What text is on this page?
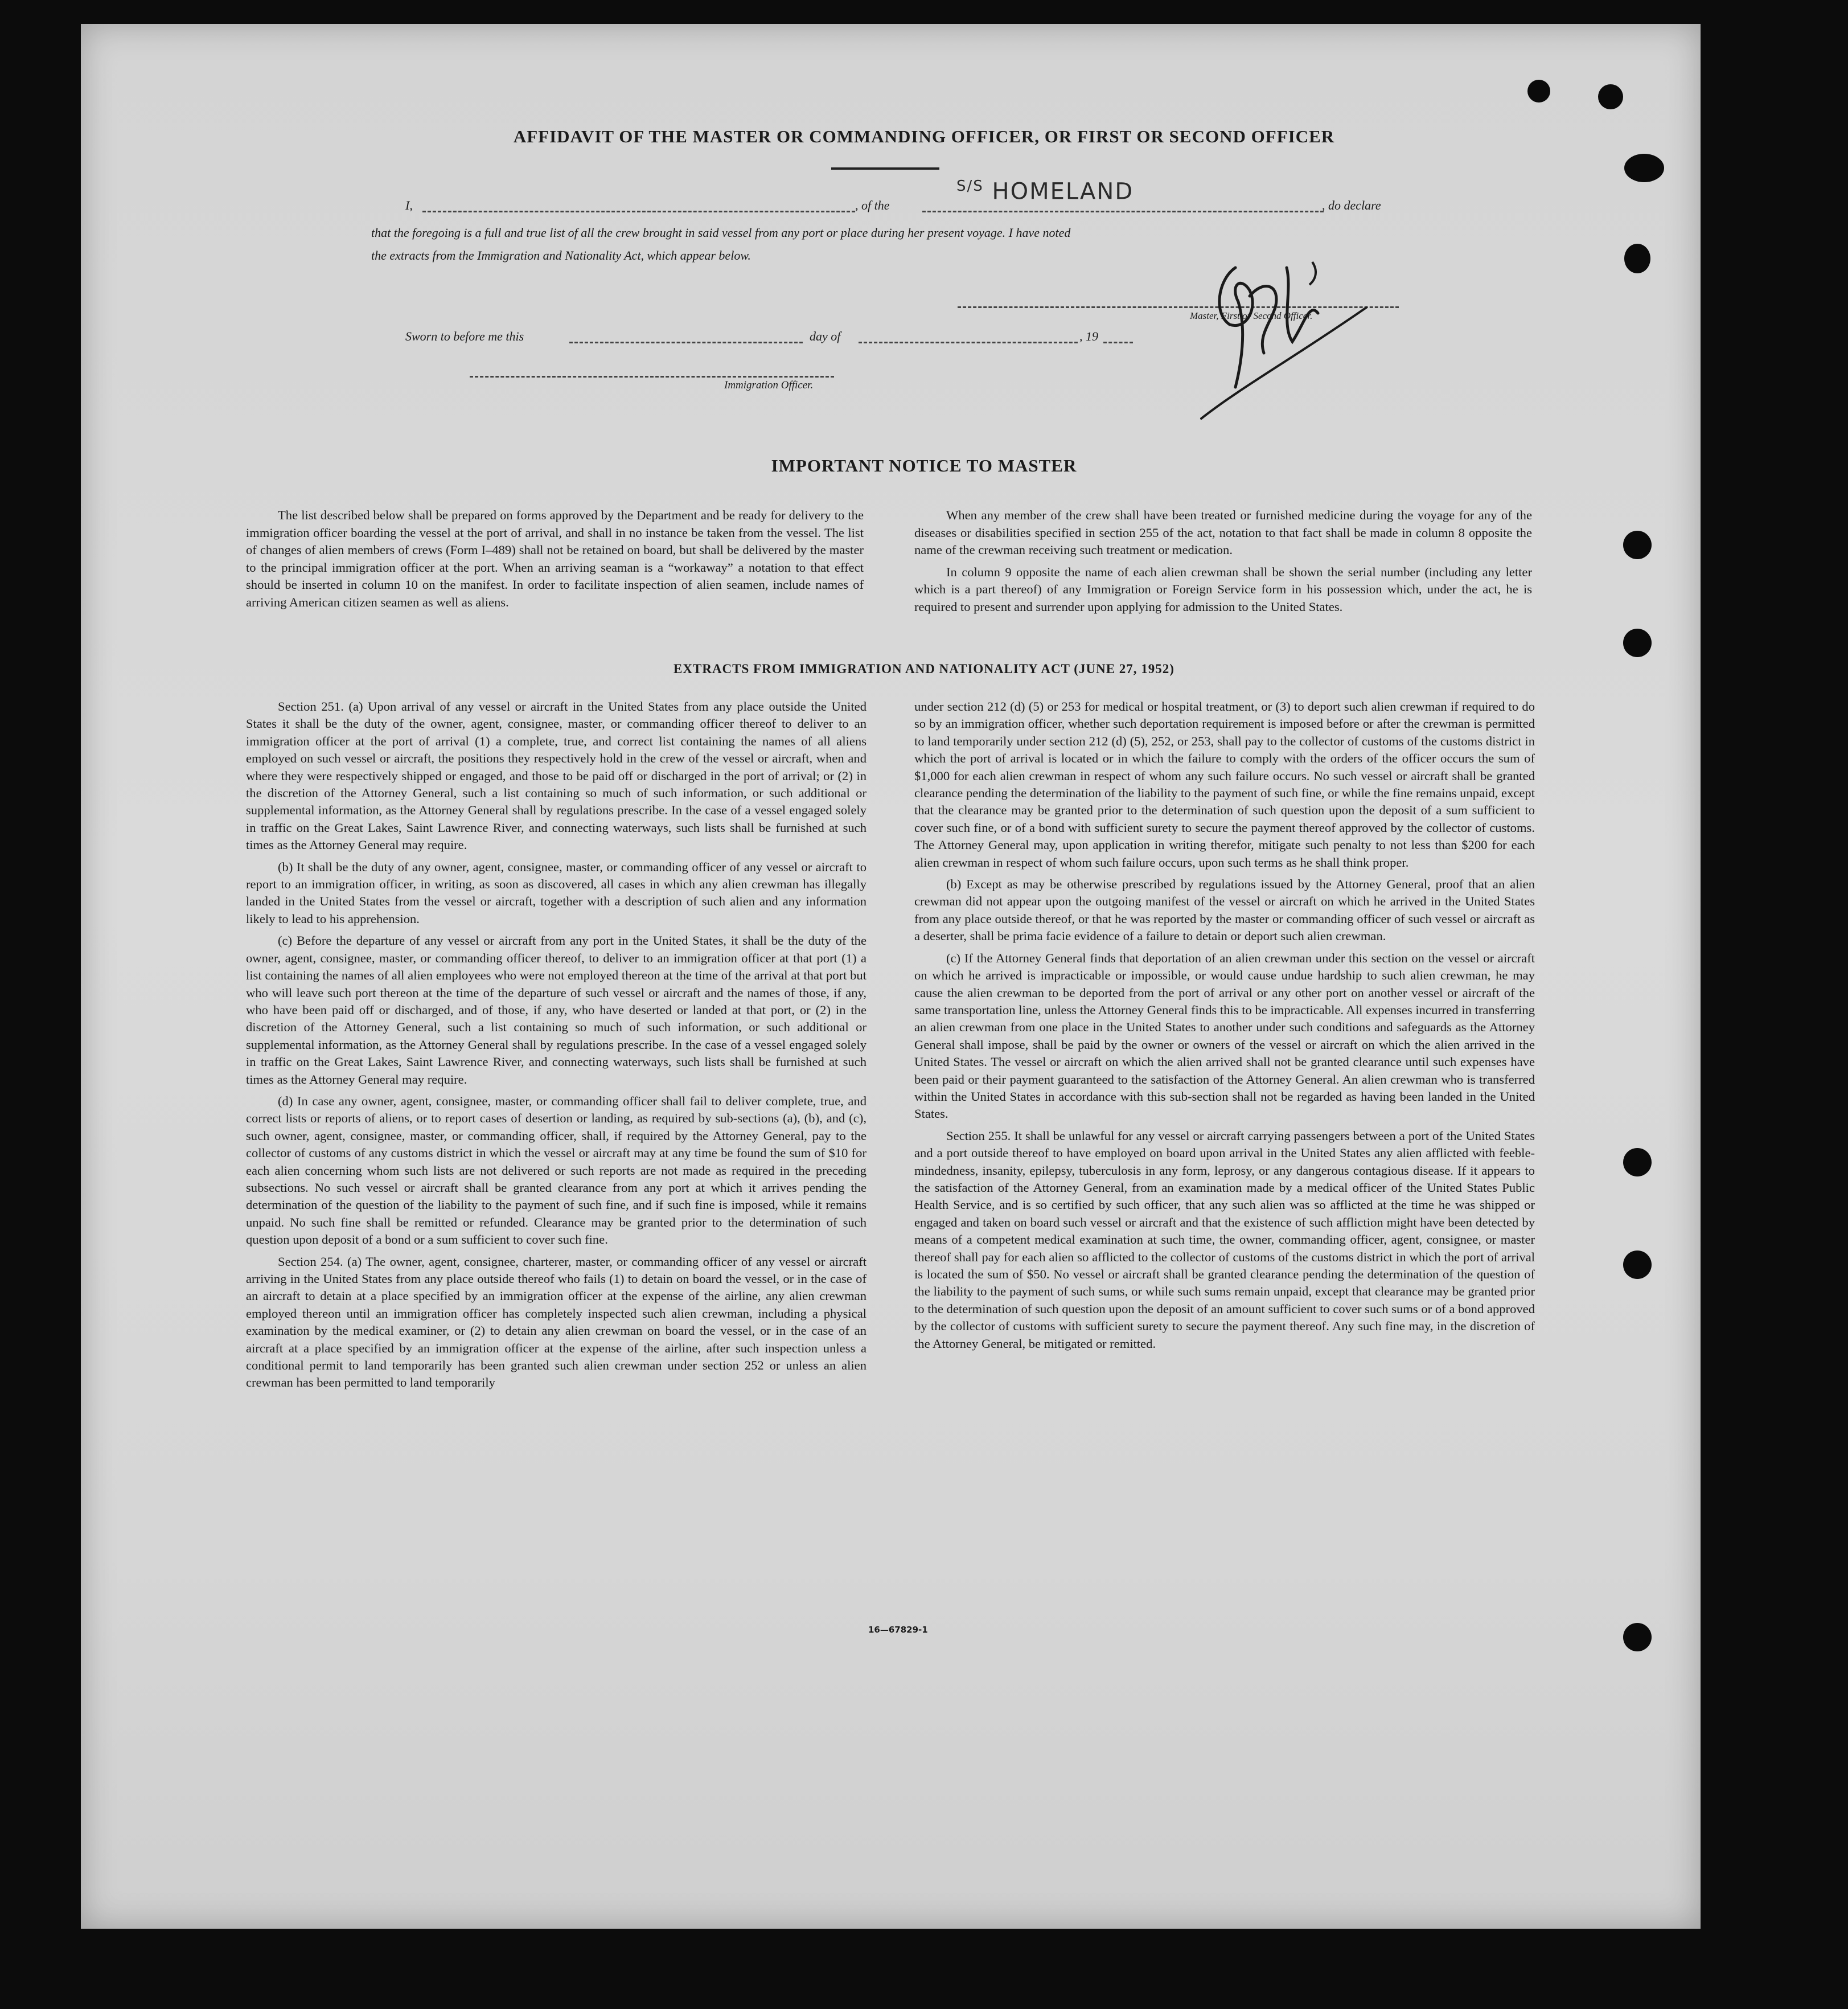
AFFIDAVIT OF THE MASTER OR COMMANDING OFFICER, OR FIRST OR SECOND OFFICER
I,	, of the
$^{S/S}$ HOMELAND
, do declare
that the foregoing is a full and true list of all the crew brought in said vessel from any port or place during her present voyage. I have noted
the extracts from the Immigration and Nationality Act, which appear below.
Master, First or Second Officer.
Sworn to before me this	day of	, 19
Immigration Officer.
IMPORTANT NOTICE TO MASTER

The list described below shall be prepared on forms approved by the Department and be ready for delivery to the immigration officer boarding the vessel at the port of arrival, and shall in no instance be taken from the vessel. The list of changes of alien members of crews (Form I–489) shall not be retained on board, but shall be delivered by the master to the principal immigration officer at the port. When an arriving seaman is a “workaway” a notation to that effect should be inserted in column 10 on the manifest. In order to facilitate inspection of alien seamen, include names of arriving American citizen seamen as well as aliens.

When any member of the crew shall have been treated or furnished medicine during the voyage for any of the diseases or disabilities specified in section 255 of the act, notation to that fact shall be made in column 8 opposite the name of the crewman receiving such treatment or medication.

In column 9 opposite the name of each alien crewman shall be shown the serial number (including any letter which is a part thereof) of any Immigration or Foreign Service form in his possession which, under the act, he is required to present and surrender upon applying for admission to the United States.

EXTRACTS FROM IMMIGRATION AND NATIONALITY ACT (JUNE 27, 1952)

Section 251. (a) Upon arrival of any vessel or aircraft in the United States from any place outside the United States it shall be the duty of the owner, agent, consignee, master, or commanding officer thereof to deliver to an immigration officer at the port of arrival (1) a complete, true, and correct list containing the names of all aliens employed on such vessel or aircraft, the positions they respectively hold in the crew of the vessel or aircraft, when and where they were respectively shipped or engaged, and those to be paid off or discharged in the port of arrival; or (2) in the discretion of the Attorney General, such a list containing so much of such information, or such additional or supplemental information, as the Attorney General shall by regulations prescribe. In the case of a vessel engaged solely in traffic on the Great Lakes, Saint Lawrence River, and connecting waterways, such lists shall be furnished at such times as the Attorney General may require.

(b) It shall be the duty of any owner, agent, consignee, master, or commanding officer of any vessel or aircraft to report to an immigration officer, in writing, as soon as discovered, all cases in which any alien crewman has illegally landed in the United States from the vessel or aircraft, together with a description of such alien and any information likely to lead to his apprehension.

(c) Before the departure of any vessel or aircraft from any port in the United States, it shall be the duty of the owner, agent, consignee, master, or commanding officer thereof, to deliver to an immigration officer at that port (1) a list containing the names of all alien employees who were not employed thereon at the time of the arrival at that port but who will leave such port thereon at the time of the departure of such vessel or aircraft and the names of those, if any, who have been paid off or discharged, and of those, if any, who have deserted or landed at that port, or (2) in the discretion of the Attorney General, such a list containing so much of such information, or such additional or supplemental information, as the Attorney General shall by regulations prescribe. In the case of a vessel engaged solely in traffic on the Great Lakes, Saint Lawrence River, and connecting waterways, such lists shall be furnished at such times as the Attorney General may require.

(d) In case any owner, agent, consignee, master, or commanding officer shall fail to deliver complete, true, and correct lists or reports of aliens, or to report cases of desertion or landing, as required by sub-sections (a), (b), and (c), such owner, agent, consignee, master, or commanding officer, shall, if required by the Attorney General, pay to the collector of customs of any customs district in which the vessel or aircraft may at any time be found the sum of $10 for each alien concerning whom such lists are not delivered or such reports are not made as required in the preceding subsections. No such vessel or aircraft shall be granted clearance from any port at which it arrives pending the determination of the question of the liability to the payment of such fine, and if such fine is imposed, while it remains unpaid. No such fine shall be remitted or refunded. Clearance may be granted prior to the determination of such question upon deposit of a bond or a sum sufficient to cover such fine.

Section 254. (a) The owner, agent, consignee, charterer, master, or commanding officer of any vessel or aircraft arriving in the United States from any place outside thereof who fails (1) to detain on board the vessel, or in the case of an aircraft to detain at a place specified by an immigration officer at the expense of the airline, any alien crewman employed thereon until an immigration officer has completely inspected such alien crewman, including a physical examination by the medical examiner, or (2) to detain any alien crewman on board the vessel, or in the case of an aircraft at a place specified by an immigration officer at the expense of the airline, after such inspection unless a conditional permit to land temporarily has been granted such alien crewman under section 252 or unless an alien crewman has been permitted to land temporarily

under section 212 (d) (5) or 253 for medical or hospital treatment, or (3) to deport such alien crewman if required to do so by an immigration officer, whether such deportation requirement is imposed before or after the crewman is permitted to land temporarily under section 212 (d) (5), 252, or 253, shall pay to the collector of customs of the customs district in which the port of arrival is located or in which the failure to comply with the orders of the officer occurs the sum of $1,000 for each alien crewman in respect of whom any such failure occurs. No such vessel or aircraft shall be granted clearance pending the determination of the liability to the payment of such fine, or while the fine remains unpaid, except that the clearance may be granted prior to the determination of such question upon the deposit of a sum sufficient to cover such fine, or of a bond with sufficient surety to secure the payment thereof approved by the collector of customs. The Attorney General may, upon application in writing therefor, mitigate such penalty to not less than $200 for each alien crewman in respect of whom such failure occurs, upon such terms as he shall think proper.

(b) Except as may be otherwise prescribed by regulations issued by the Attorney General, proof that an alien crewman did not appear upon the outgoing manifest of the vessel or aircraft on which he arrived in the United States from any place outside thereof, or that he was reported by the master or commanding officer of such vessel or aircraft as a deserter, shall be prima facie evidence of a failure to detain or deport such alien crewman.

(c) If the Attorney General finds that deportation of an alien crewman under this section on the vessel or aircraft on which he arrived is impracticable or impossible, or would cause undue hardship to such alien crewman, he may cause the alien crewman to be deported from the port of arrival or any other port on another vessel or aircraft of the same transportation line, unless the Attorney General finds this to be impracticable. All expenses incurred in transferring an alien crewman from one place in the United States to another under such conditions and safeguards as the Attorney General shall impose, shall be paid by the owner or owners of the vessel or aircraft on which the alien arrived in the United States. The vessel or aircraft on which the alien arrived shall not be granted clearance until such expenses have been paid or their payment guaranteed to the satisfaction of the Attorney General. An alien crewman who is transferred within the United States in accordance with this sub-section shall not be regarded as having been landed in the United States.

Section 255. It shall be unlawful for any vessel or aircraft carrying passengers between a port of the United States and a port outside thereof to have employed on board upon arrival in the United States any alien afflicted with feeble-mindedness, insanity, epilepsy, tuberculosis in any form, leprosy, or any dangerous contagious disease. If it appears to the satisfaction of the Attorney General, from an examination made by a medical officer of the United States Public Health Service, and is so certified by such officer, that any such alien was so afflicted at the time he was shipped or engaged and taken on board such vessel or aircraft and that the existence of such affliction might have been detected by means of a competent medical examination at such time, the owner, commanding officer, agent, consignee, or master thereof shall pay for each alien so afflicted to the collector of customs of the customs district in which the port of arrival is located the sum of $50. No vessel or aircraft shall be granted clearance pending the determination of the question of the liability to the payment of such sums, or while such sums remain unpaid, except that clearance may be granted prior to the determination of such question upon the deposit of an amount sufficient to cover such sums or of a bond approved by the collector of customs with sufficient surety to secure the payment thereof. Any such fine may, in the discretion of the Attorney General, be mitigated or remitted.

16—67829-1
